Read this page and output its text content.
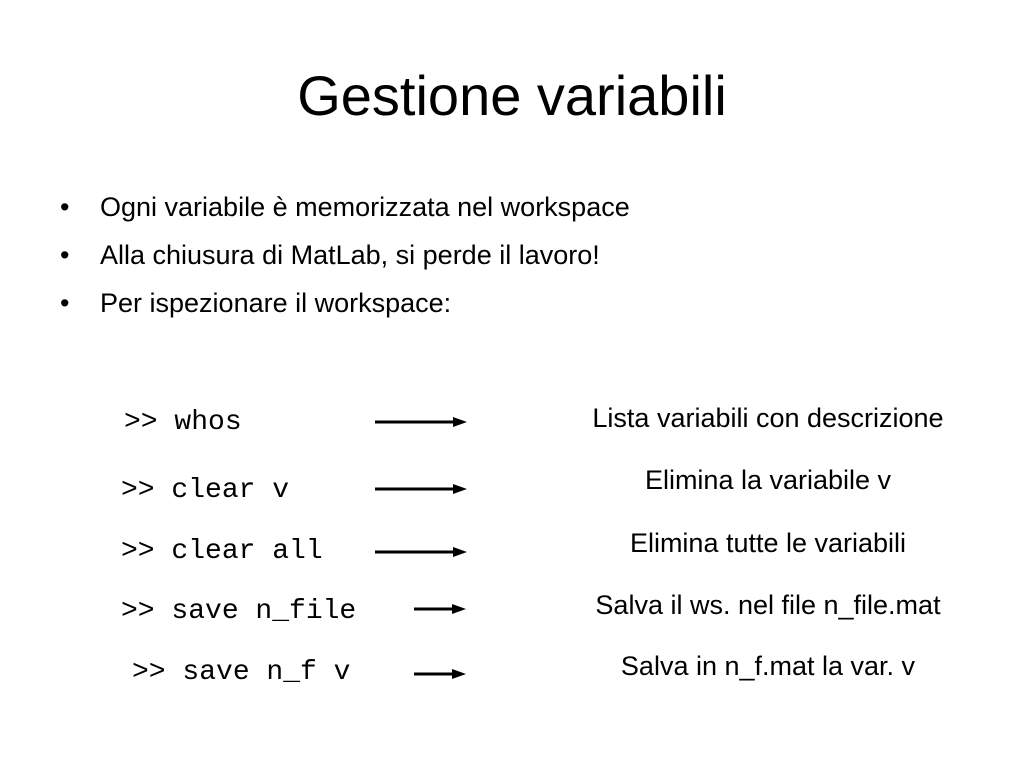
Gestione variabili
• Ogni variabile è memorizzata nel workspace
• Alla chiusura di MatLab, si perde il lavoro!
• Per ispezionare il workspace:
>> whos	Lista variabili con descrizione
>> clear v	Elimina la variabile v
>> clear all	Elimina tutte le variabili
>> save n_file	Salva il ws. nel file n_file.mat
>> save n_f v	Salva in n_f.mat la var. v
